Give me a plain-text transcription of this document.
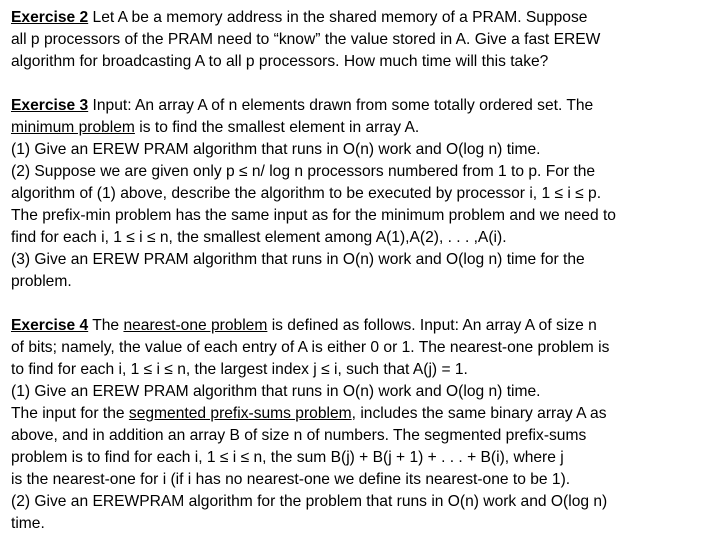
Exercise 2 Let A be a memory address in the shared memory of a PRAM. Suppose
all p processors of the PRAM need to “know” the value stored in A. Give a fast EREW
algorithm for broadcasting A to all p processors. How much time will this take?
Exercise 3 Input: An array A of n elements drawn from some totally ordered set. The
minimum problem is to find the smallest element in array A.
(1) Give an EREW PRAM algorithm that runs in O(n) work and O(log n) time.
(2) Suppose we are given only p ≤ n/ log n processors numbered from 1 to p. For the
algorithm of (1) above, describe the algorithm to be executed by processor i, 1 ≤ i ≤ p.
The prefix-min problem has the same input as for the minimum problem and we need to
find for each i, 1 ≤ i ≤ n, the smallest element among A(1),A(2), . . . ,A(i).
(3) Give an EREW PRAM algorithm that runs in O(n) work and O(log n) time for the
problem.
Exercise 4 The nearest-one problem is defined as follows. Input: An array A of size n
of bits; namely, the value of each entry of A is either 0 or 1. The nearest-one problem is
to find for each i, 1 ≤ i ≤ n, the largest index j ≤ i, such that A(j) = 1.
(1) Give an EREW PRAM algorithm that runs in O(n) work and O(log n) time.
The input for the segmented prefix-sums problem, includes the same binary array A as
above, and in addition an array B of size n of numbers. The segmented prefix-sums
problem is to find for each i, 1 ≤ i ≤ n, the sum B(j) + B(j + 1) + . . . + B(i), where j
is the nearest-one for i (if i has no nearest-one we define its nearest-one to be 1).
(2) Give an EREWPRAM algorithm for the problem that runs in O(n) work and O(log n)
time.
